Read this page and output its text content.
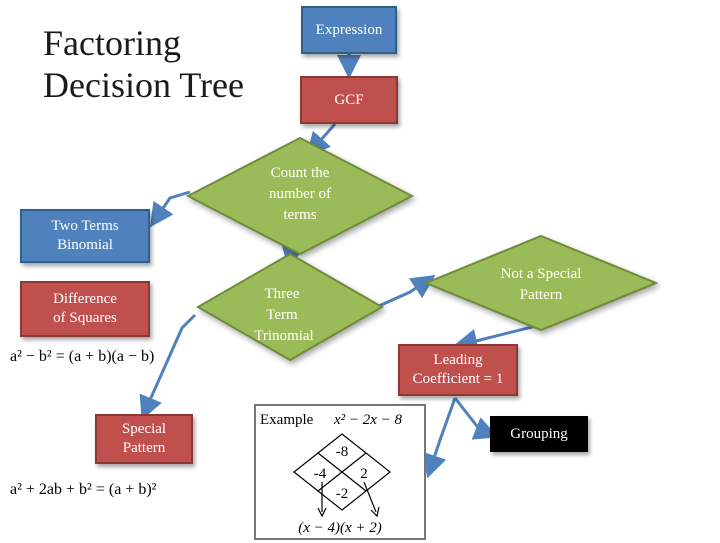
Factoring
Decision Tree
Count the
number of
terms
Three
Term
Trinomial
Not a Special
Pattern
Expression
GCF
Two Terms
Binomial
Difference
of Squares
Leading
Coefficient = 1
Grouping
Special
Pattern
a² − b² = (a + b)(a − b)
a² + 2ab + b² = (a + b)²
Example x² − 2x − 8
-8
-4 2
-2
(x − 4)(x + 2)
